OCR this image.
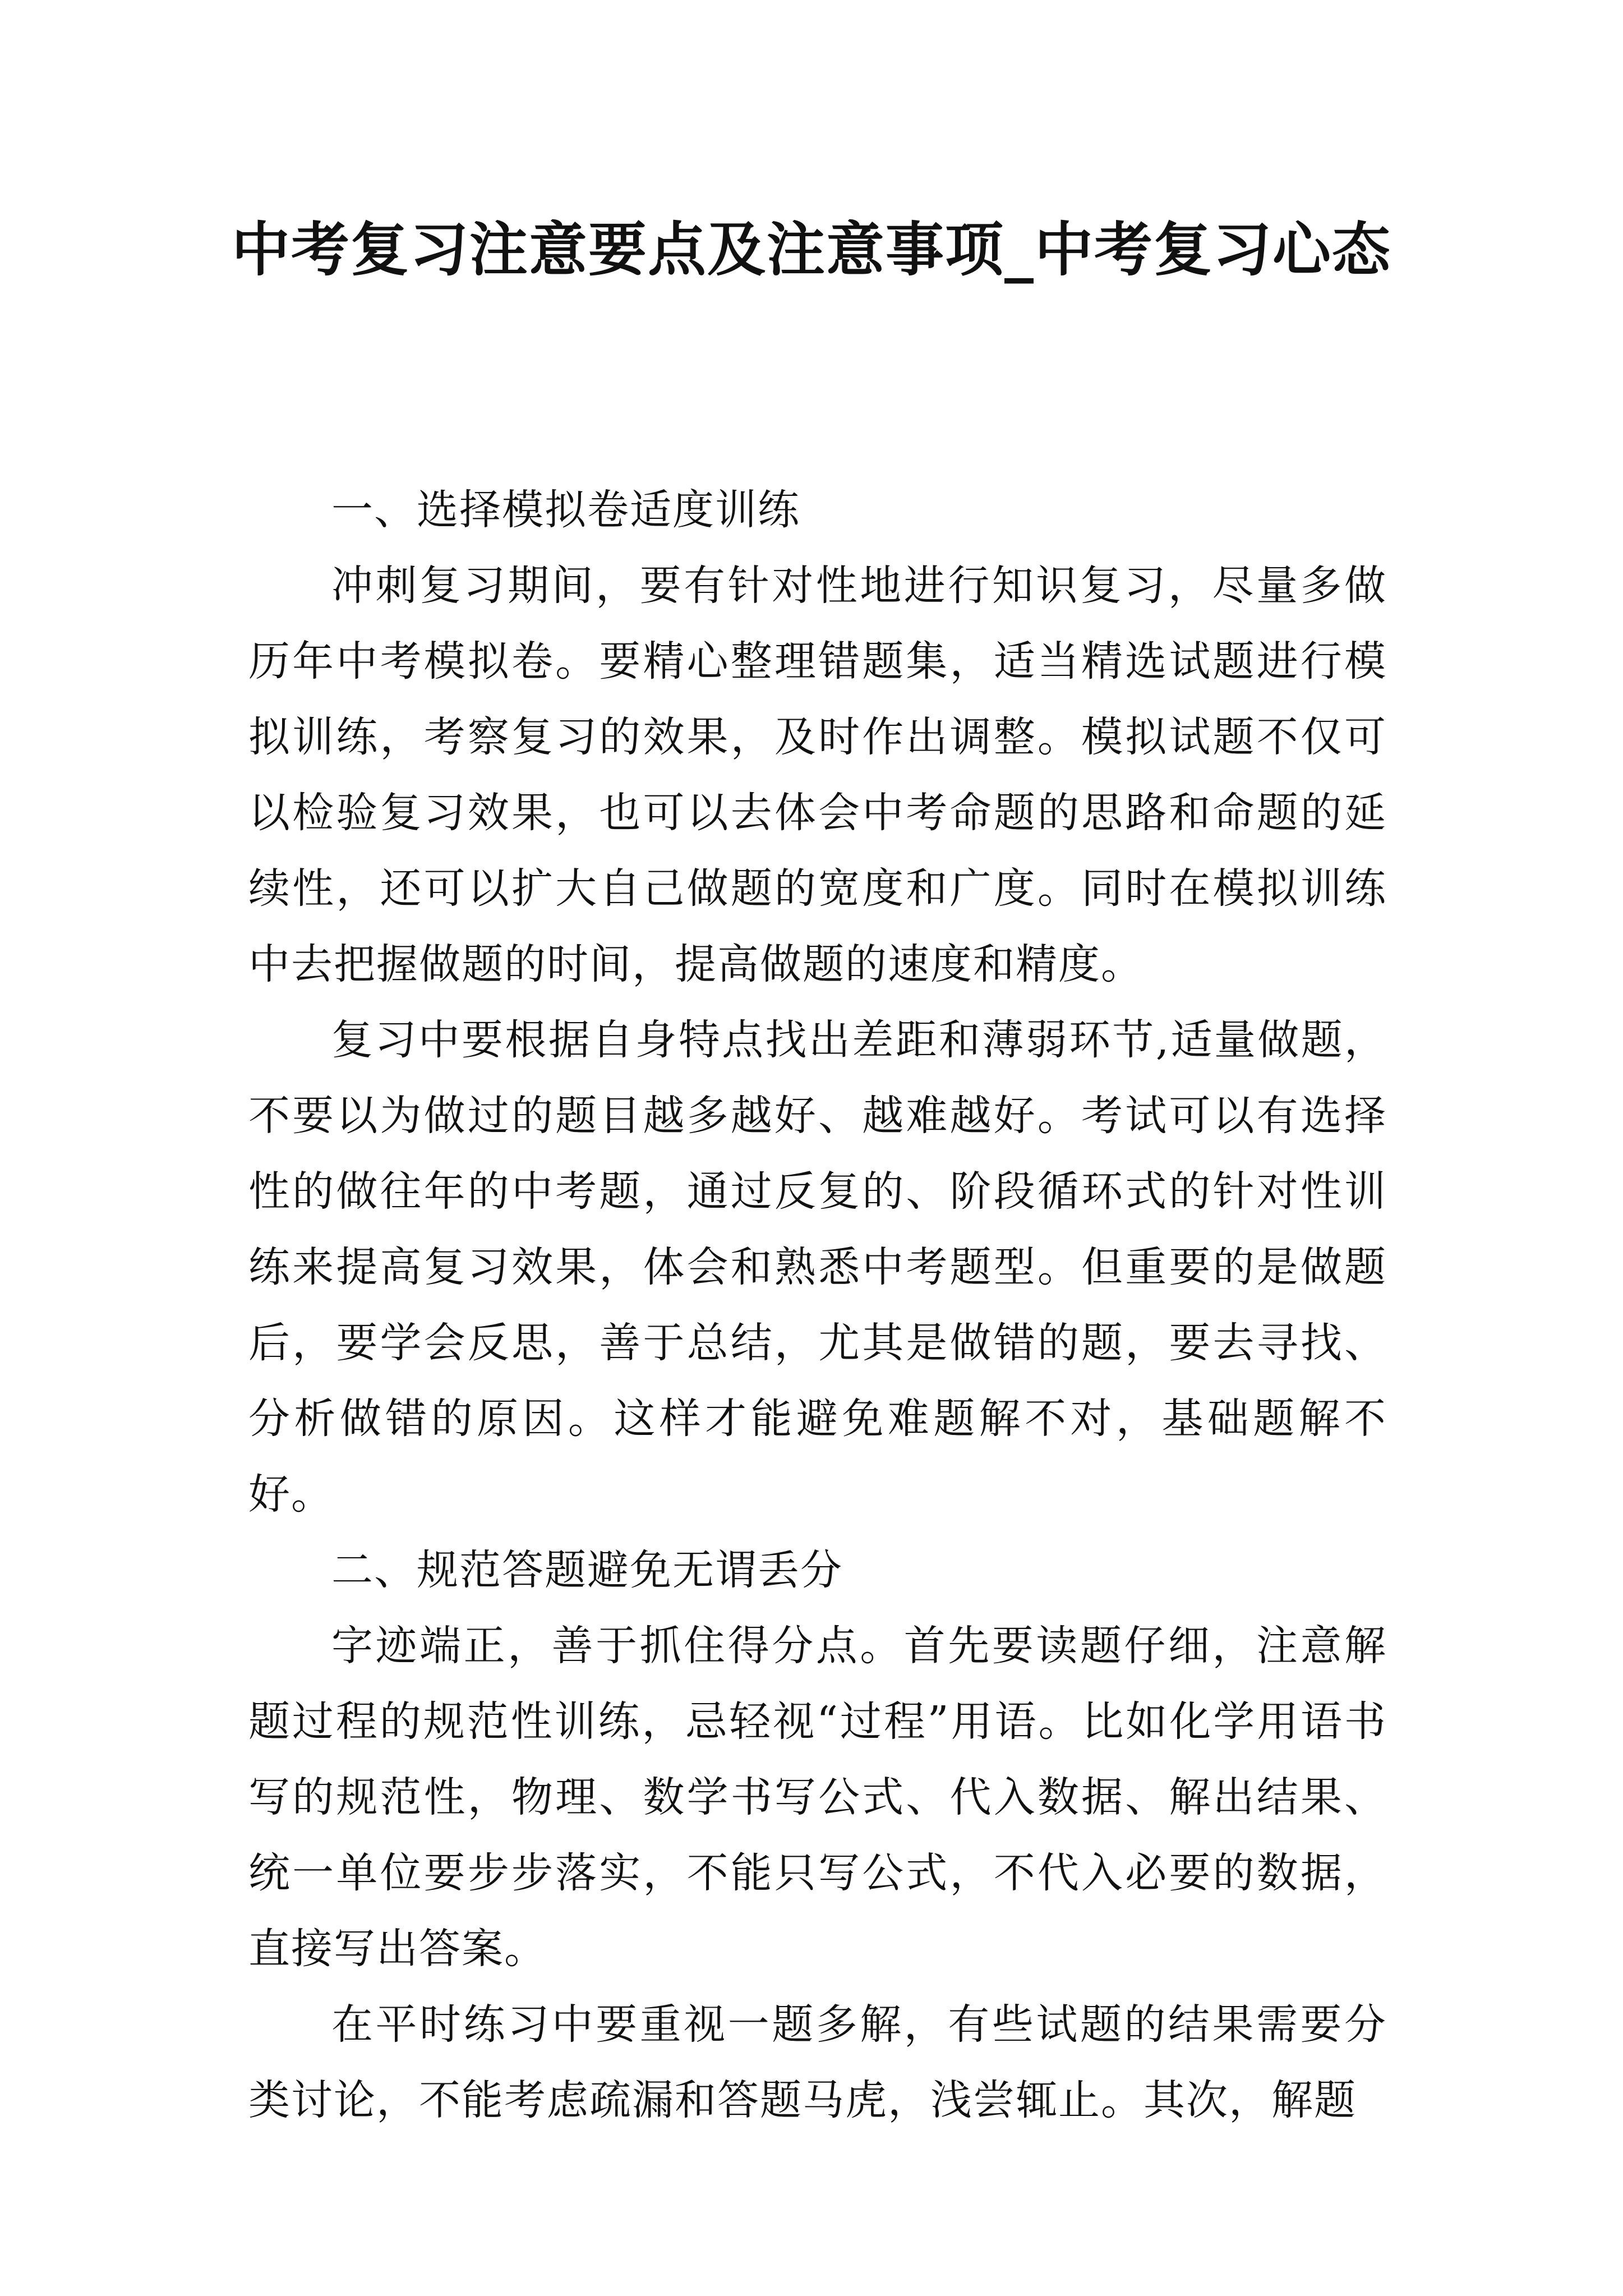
中考复习注意要点及注意事项_中考复习心态

一、选择模拟卷适度训练

冲刺复习期间，要有针对性地进行知识复习，尽量多做历年中考模拟卷。要精心整理错题集，适当精选试题进行模拟训练，考察复习的效果，及时作出调整。模拟试题不仅可以检验复习效果，也可以去体会中考命题的思路和命题的延续性，还可以扩大自己做题的宽度和广度。同时在模拟训练中去把握做题的时间，提高做题的速度和精度。

复习中要根据自身特点找出差距和薄弱环节,适量做题，不要以为做过的题目越多越好、越难越好。考试可以有选择性的做往年的中考题，通过反复的、阶段循环式的针对性训练来提高复习效果，体会和熟悉中考题型。但重要的是做题后，要学会反思，善于总结，尤其是做错的题，要去寻找、分析做错的原因。这样才能避免难题解不对，基础题解不好。

二、规范答题避免无谓丢分

字迹端正，善于抓住得分点。首先要读题仔细，注意解题过程的规范性训练，忌轻视“过程”用语。比如化学用语书写的规范性，物理、数学书写公式、代入数据、解出结果、统一单位要步步落实，不能只写公式，不代入必要的数据，直接写出答案。

在平时练习中要重视一题多解，有些试题的结果需要分类讨论，不能考虑疏漏和答题马虎，浅尝辄止。其次，解题
